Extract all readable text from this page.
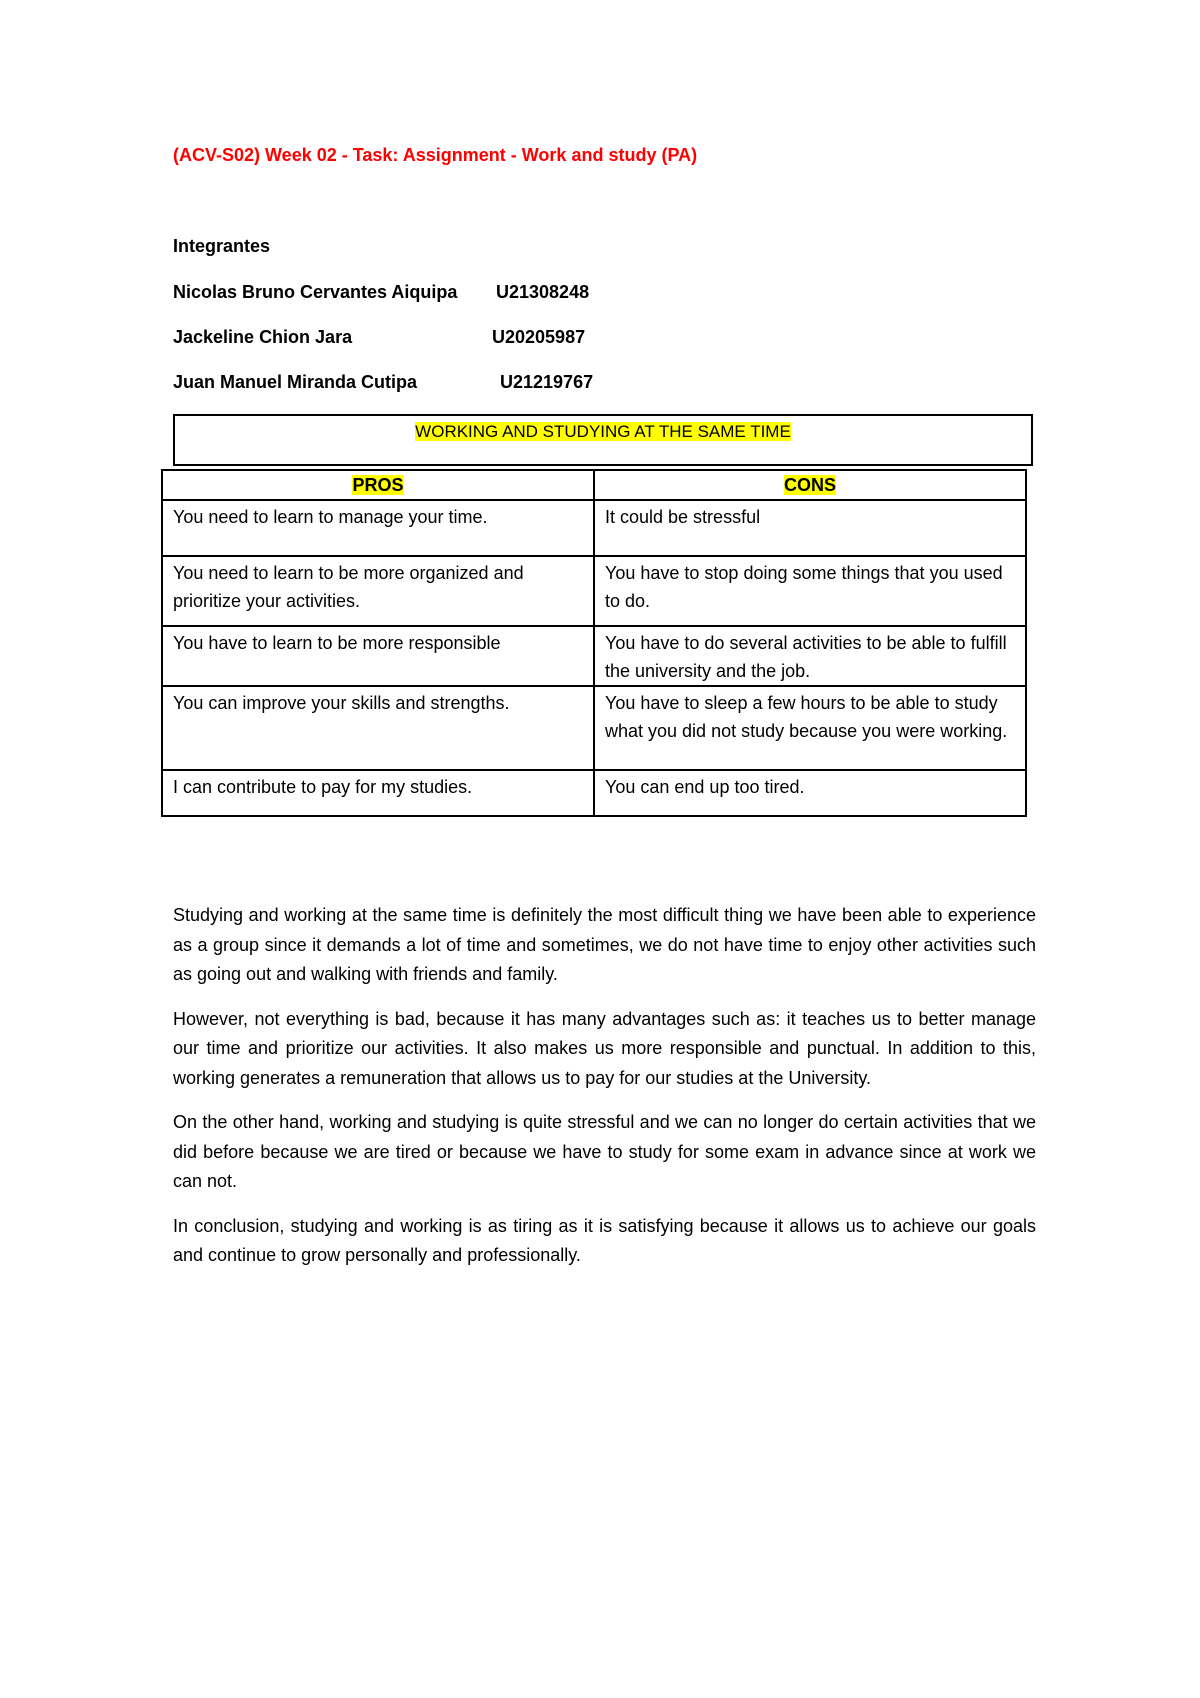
(ACV-S02) Week 02 - Task: Assignment - Work and study (PA)
Integrantes
Nicolas Bruno Cervantes Aiquipa U21308248
Jackeline Chion Jara	U20205987
Juan Manuel Miranda Cutipa	U21219767
WORKING AND STUDYING AT THE SAME TIME
PROS	CONS
You need to learn to manage your time.	It could be stressful
You need to learn to be more organized and prioritize your activities.	You have to stop doing some things that you used to do.
You have to learn to be more responsible	You have to do several activities to be able to fulfill the university and the job.
You can improve your skills and strengths.	You have to sleep a few hours to be able to study what you did not study because you were working.
I can contribute to pay for my studies.	You can end up too tired.

Studying and working at the same time is definitely the most difficult thing we have been able to experience as a group since it demands a lot of time and sometimes, we do not have time to enjoy other activities such as going out and walking with friends and family.

However, not everything is bad, because it has many advantages such as: it teaches us to better manage our time and prioritize our activities. It also makes us more responsible and punctual. In addition to this, working generates a remuneration that allows us to pay for our studies at the University.

On the other hand, working and studying is quite stressful and we can no longer do certain activities that we did before because we are tired or because we have to study for some exam in advance since at work we can not.

In conclusion, studying and working is as tiring as it is satisfying because it allows us to achieve our goals and continue to grow personally and professionally.
